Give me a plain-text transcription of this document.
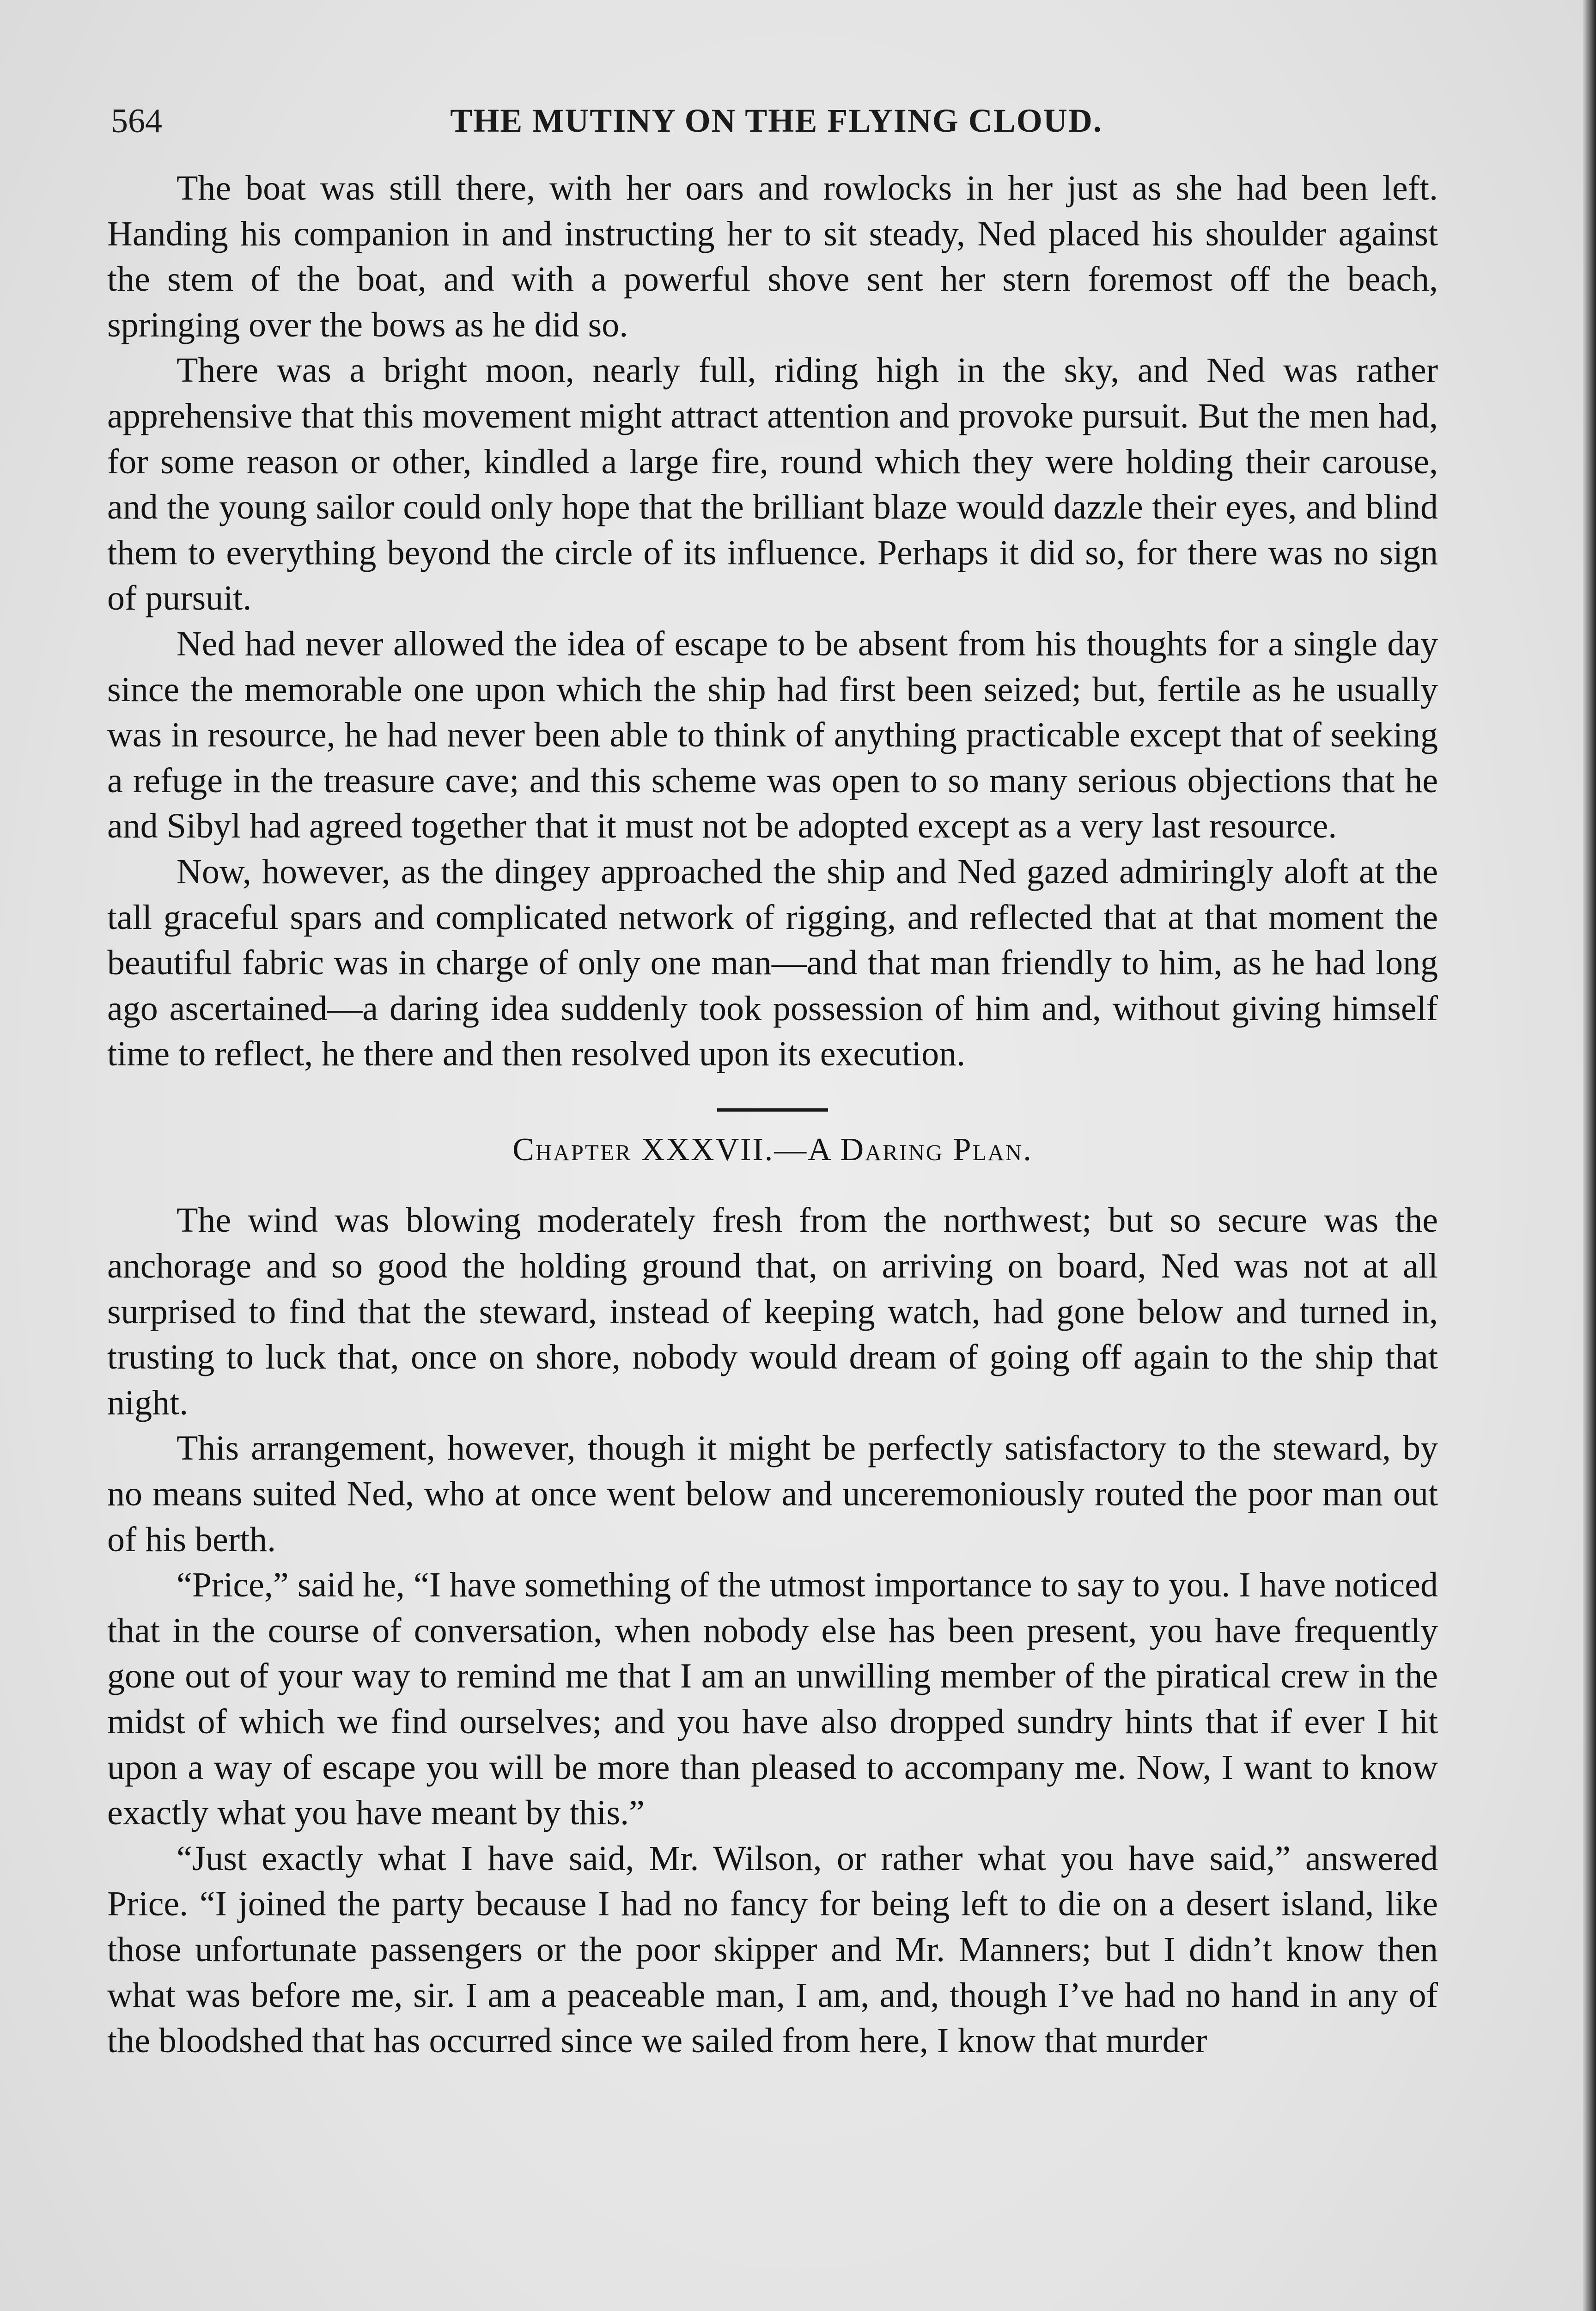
564	THE MUTINY ON THE FLYING CLOUD.

The boat was still there, with her oars and rowlocks in her just as she had been left. Handing his companion in and instructing her to sit steady, Ned placed his shoulder against the stem of the boat, and with a powerful shove sent her stern foremost off the beach, springing over the bows as he did so.

There was a bright moon, nearly full, riding high in the sky, and Ned was rather apprehensive that this movement might attract attention and provoke pursuit. But the men had, for some reason or other, kindled a large fire, round which they were holding their carouse, and the young sailor could only hope that the brilliant blaze would dazzle their eyes, and blind them to everything beyond the circle of its influence. Perhaps it did so, for there was no sign of pursuit.

Ned had never allowed the idea of escape to be absent from his thoughts for a single day since the memorable one upon which the ship had first been seized; but, fertile as he usually was in resource, he had never been able to think of anything practicable except that of seeking a refuge in the treasure cave; and this scheme was open to so many serious objections that he and Sibyl had agreed together that it must not be adopted except as a very last resource.

Now, however, as the dingey approached the ship and Ned gazed admiringly aloft at the tall graceful spars and complicated network of rigging, and reflected that at that moment the beautiful fabric was in charge of only one man—and that man friendly to him, as he had long ago ascertained—a daring idea suddenly took possession of him and, without giving himself time to reflect, he there and then resolved upon its execution.

Chapter XXXVII.—A Daring Plan.

The wind was blowing moderately fresh from the northwest; but so secure was the anchorage and so good the holding ground that, on arriving on board, Ned was not at all surprised to find that the steward, instead of keeping watch, had gone below and turned in, trusting to luck that, once on shore, nobody would dream of going off again to the ship that night.

This arrangement, however, though it might be perfectly satisfactory to the steward, by no means suited Ned, who at once went below and unceremoniously routed the poor man out of his berth.

“Price,” said he, “I have something of the utmost importance to say to you. I have noticed that in the course of conversation, when nobody else has been present, you have frequently gone out of your way to remind me that I am an unwilling member of the piratical crew in the midst of which we find ourselves; and you have also dropped sundry hints that if ever I hit upon a way of escape you will be more than pleased to accompany me. Now, I want to know exactly what you have meant by this.”

“Just exactly what I have said, Mr. Wilson, or rather what you have said,” answered Price. “I joined the party because I had no fancy for being left to die on a desert island, like those unfortunate passengers or the poor skipper and Mr. Manners; but I didn’t know then what was before me, sir. I am a peaceable man, I am, and, though I’ve had no hand in any of the bloodshed that has occurred since we sailed from here, I know that murder
